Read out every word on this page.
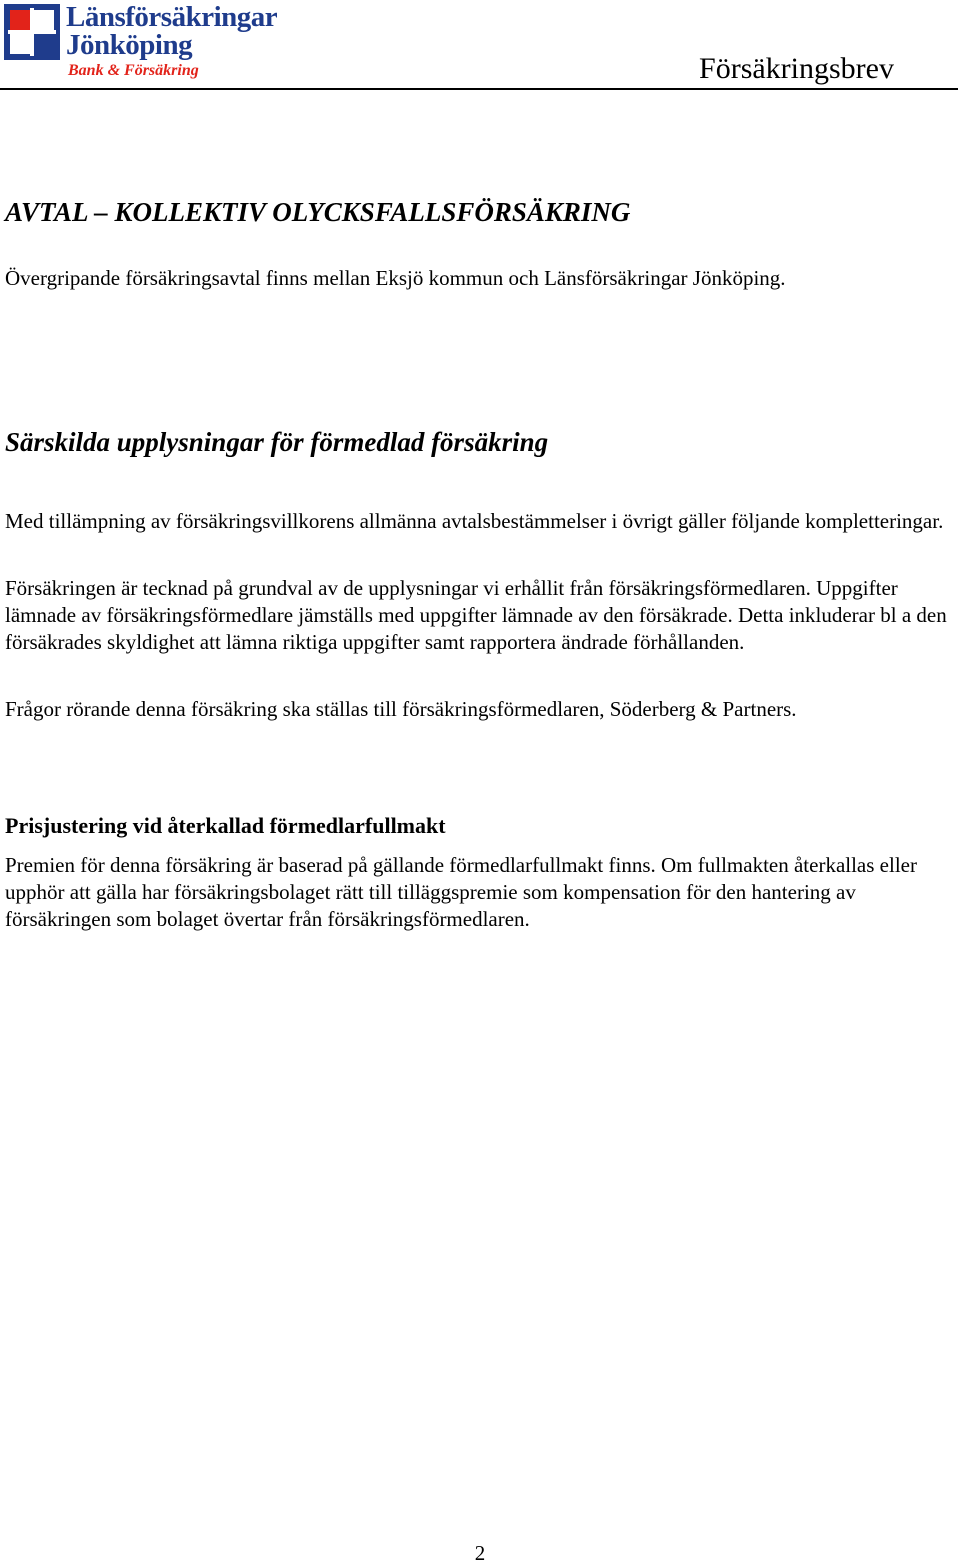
Länsförsäkringar
Jönköping
Bank & Försäkring	Försäkringsbrev
AVTAL – KOLLEKTIV OLYCKSFALLSFÖRSÄKRING

Övergripande försäkringsavtal finns mellan Eksjö kommun och Länsförsäkringar Jönköping.

Särskilda upplysningar för förmedlad försäkring

Med tillämpning av försäkringsvillkorens allmänna avtalsbestämmelser i övrigt gäller följande kompletteringar.

Försäkringen är tecknad på grundval av de upplysningar vi erhållit från försäkringsförmedlaren. Uppgifter lämnade av försäkringsförmedlare jämställs med uppgifter lämnade av den försäkrade. Detta inkluderar bl a den försäkrades skyldighet att lämna riktiga uppgifter samt rapportera ändrade förhållanden.

Frågor rörande denna försäkring ska ställas till försäkringsförmedlaren, Söderberg & Partners.

Prisjustering vid återkallad förmedlarfullmakt

Premien för denna försäkring är baserad på gällande förmedlarfullmakt finns. Om fullmakten återkallas eller upphör att gälla har försäkringsbolaget rätt till tilläggspremie som kompensation för den hantering av försäkringen som bolaget övertar från försäkringsförmedlaren.

2
